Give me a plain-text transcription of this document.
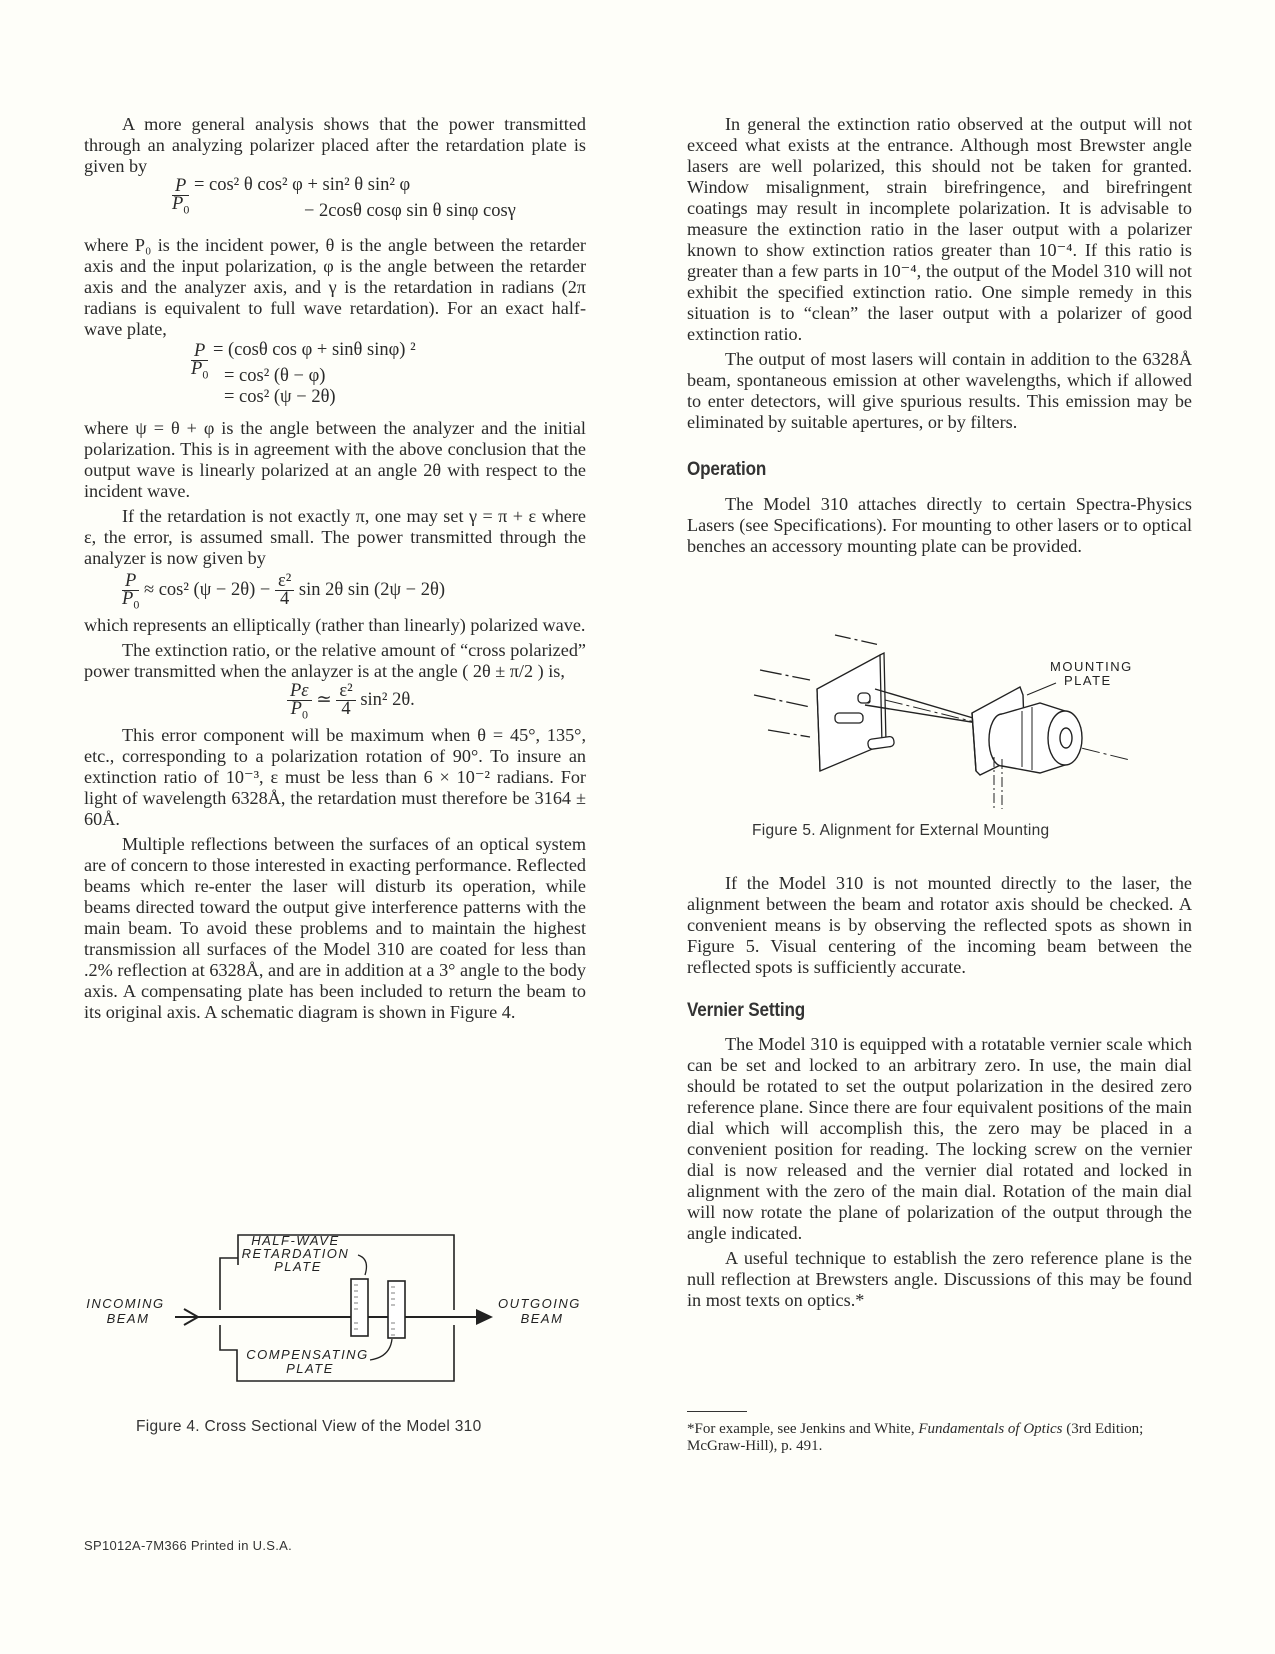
A more general analysis shows that the power transmitted through an analyzing polarizer placed after the retardation plate is given by

$\frac{P}{P_0} = \cos^2$ θ cos² φ + sin² θ sin² φ
− 2cosθ cosφ sin θ sinφ cosγ

where P₀ is the incident power, θ is the angle between the retarder axis and the input polarization, φ is the angle between the retarder axis and the analyzer axis, and γ is the retardation in radians (2π radians is equivalent to full wave retardation). For an exact half-wave plate,

$\frac{P}{P_0} = (\cos\theta$ cos φ + sinθ sinφ) ²
= cos² (θ − φ)
= cos² (ψ − 2θ)

where ψ = θ + φ is the angle between the analyzer and the initial polarization. This is in agreement with the above conclusion that the output wave is linearly polarized at an angle 2θ with respect to the incident wave.

If the retardation is not exactly π, one may set γ = π + ε where ε, the error, is assumed small. The power transmitted through the analyzer is now given by

$\frac{P}{P_0} \approx \cos^2$ $(\psi - 2\theta) - \frac{\text{ε²}}{4}$ sin 2θ sin (2ψ − 2θ)

which represents an elliptically (rather than linearly) polarized wave.

The extinction ratio, or the relative amount of “cross polarized” power transmitted when the anlayzer is at the angle ( 2θ ± π/2 ) is,

$\frac{P\varepsilon}{P_0}$ ≃ $\frac{\text{ε²}}{4} \sin^2$ 2θ.

This error component will be maximum when θ = 45°, 135°, etc., corresponding to a polarization rotation of 90°. To insure an extinction ratio of 10⁻³, ε must be less than 6 × 10⁻² radians. For light of wavelength 6328Å, the retardation must therefore be 3164 ± 60Å.

Multiple reflections between the surfaces of an optical system are of concern to those interested in exacting performance. Reflected beams which re-enter the laser will disturb its operation, while beams directed toward the output give interference patterns with the main beam. To avoid these problems and to maintain the highest transmission all surfaces of the Model 310 are coated for less than .2% reflection at 6328Å, and are in addition at a 3° angle to the body axis. A compensating plate has been included to return the beam to its original axis. A schematic diagram is shown in Figure 4.

HALF-WAVE RETARDATION PLATE
INCOMING BEAM
OUTGOING BEAM
COMPENSATING PLATE
Figure 4. Cross Sectional View of the Model 310

In general the extinction ratio observed at the output will not exceed what exists at the entrance. Although most Brewster angle lasers are well polarized, this should not be taken for granted. Window misalignment, strain birefringence, and birefringent coatings may result in incomplete polarization. It is advisable to measure the extinction ratio in the laser output with a polarizer known to show extinction ratios greater than 10⁻⁴. If this ratio is greater than a few parts in 10⁻⁴, the output of the Model 310 will not exhibit the specified extinction ratio. One simple remedy in this situation is to “clean” the laser output with a polarizer of good extinction ratio.

The output of most lasers will contain in addition to the 6328Å beam, spontaneous emission at other wavelengths, which if allowed to enter detectors, will give spurious results. This emission may be eliminated by suitable apertures, or by filters.

Operation

The Model 310 attaches directly to certain Spectra-Physics Lasers (see Specifications). For mounting to other lasers or to optical benches an accessory mounting plate can be provided.

MOUNTING PLATE
Figure 5. Alignment for External Mounting

If the Model 310 is not mounted directly to the laser, the alignment between the beam and rotator axis should be checked. A convenient means is by observing the reflected spots as shown in Figure 5. Visual centering of the incoming beam between the reflected spots is sufficiently accurate.

Vernier Setting

The Model 310 is equipped with a rotatable vernier scale which can be set and locked to an arbitrary zero. In use, the main dial should be rotated to set the output polarization in the desired zero reference plane. Since there are four equivalent positions of the main dial which will accomplish this, the zero may be placed in a convenient position for reading. The locking screw on the vernier dial is now released and the vernier dial rotated and locked in alignment with the zero of the main dial. Rotation of the main dial will now rotate the plane of polarization of the output through the angle indicated.

A useful technique to establish the zero reference plane is the null reflection at Brewsters angle. Discussions of this may be found in most texts on optics.*

*For example, see Jenkins and White, Fundamentals of Optics (3rd Edition; McGraw-Hill), p. 491.
SP1012A-7M366 Printed in U.S.A.
